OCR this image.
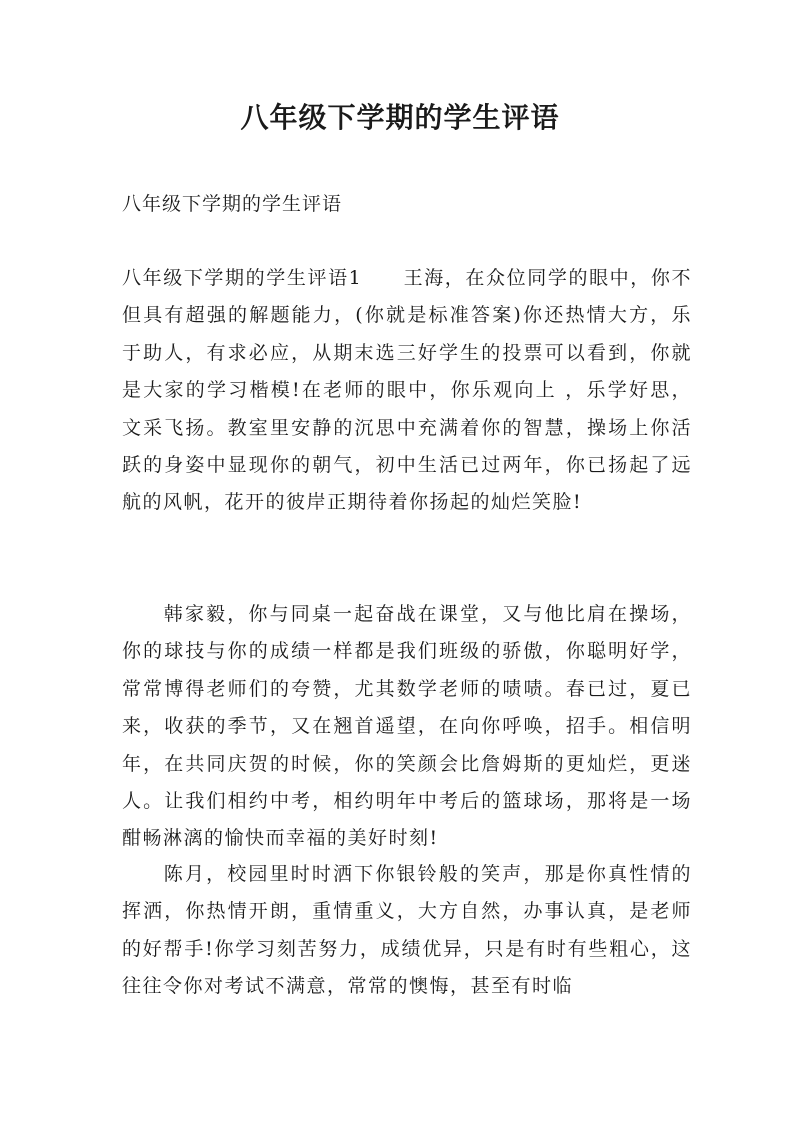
八年级下学期的学生评语

八年级下学期的学生评语

八年级下学期的学生评语1　　王海，在众位同学的眼中，你不但具有超强的解题能力，(你就是标准答案)你还热情大方，乐于助人，有求必应，从期末选三好学生的投票可以看到，你就是大家的学习楷模!在老师的眼中，你乐观向上 ，乐学好思，文采飞扬。教室里安静的沉思中充满着你的智慧，操场上你活跃的身姿中显现你的朝气，初中生活已过两年，你已扬起了远航的风帆，花开的彼岸正期待着你扬起的灿烂笑脸!

韩家毅，你与同桌一起奋战在课堂，又与他比肩在操场，你的球技与你的成绩一样都是我们班级的骄傲，你聪明好学，常常博得老师们的夸赞，尤其数学老师的啧啧。春已过，夏已来，收获的季节，又在翘首遥望，在向你呼唤，招手。相信明年，在共同庆贺的时候，你的笑颜会比詹姆斯的更灿烂，更迷人。让我们相约中考，相约明年中考后的篮球场，那将是一场酣畅淋漓的愉快而幸福的美好时刻!

陈月，校园里时时洒下你银铃般的笑声，那是你真性情的挥洒，你热情开朗，重情重义，大方自然，办事认真，是老师的好帮手!你学习刻苦努力，成绩优异，只是有时有些粗心，这往往令你对考试不满意，常常的懊悔，甚至有时临
